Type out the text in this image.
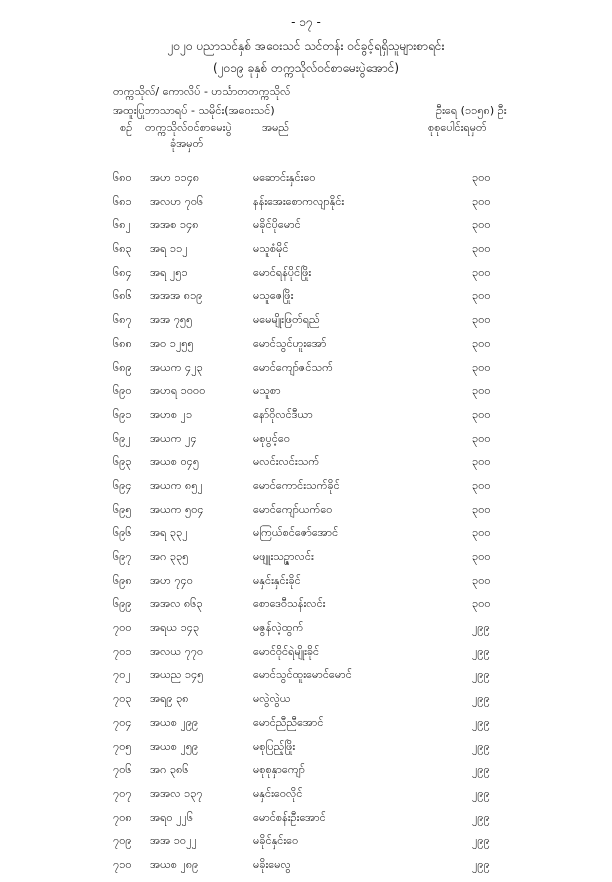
- ၁၇ -
၂၀၂၀ ပညာသင်နှစ် အဝေးသင် သင်တန်း ဝင်ခွင့်ရရှိသူများစာရင်း
(၂၀၁၉ ခုနှစ် တက္ကသိုလ်ဝင်စာမေးပွဲအောင်)
တက္ကသိုလ်/ ကောလိပ် - ဟင်္သာတတက္ကသိုလ်
အထူးပြုဘာသာရပ် - သမိုင်း(အဝေးသင်)	ဦးရေ (၁၁၅၈) ဦး
စဉ် တက္ကသိုလ်ဝင်စာမေးပွဲ
ခုံအမှတ်
အမည်	စုစုပေါင်းရမှတ်
၆၈၀ အဟ ၁၁၄၈	မဆောင်းနှင်းဝေ	၃၀၀
၆၈၁ အလဟ ၇၀၆	နန်းအေးစောကလျာနိုင်း	၃၀၀
၆၈၂ အအစ ၁၄၈	မခိုင်ပိုမောင်	၃၀၀
၆၈၃ အရ ၁၁၂	မသူစံမိုင်	၃၀၀
၆၈၄ အရ ၂၅၁	မောင်ရန်ပိုင်ဖြိုး	၃၀၀
၆၈၆ အအအ ၈၁၉	မသူဇေဖြိုး	၃၀၀
၆၈၇ အအ ၇၅၅	မမေမျိုးဖြတ်ရည်	၃၀၀
၆၈၈ အဝ ၁၂၅၅	မောင်သွင်ဟူးအော်	၃၀၀
၆၈၉ အယက ၄၂၃	မောင်ကျော်ဇင်သက်	၃၀၀
၆၉၀ အဟရ ၁၀၀၀	မသူစာ	၃၀၀
၆၉၁ အဟစ ၂၁	နော်ဝိုလင်ဒီယာ	၃၀၀
၆၉၂ အယက ၂၄	မစုပွင့်ဝေ	၃၀၀
၆၉၃ အယစ ၀၄၅	မလင်းလင်းသက်	၃၀၀
၆၉၄ အယက ၈၅၂	မောင်ကောင်းသက်ခိုင်	၃၀၀
၆၉၅ အယက ၅၀၄	မောင်ကျော်ယက်ဝေ	၃၀၀
၆၉၆ အရ ၃၃၂	မကြယ်စင်ဇော်အောင်	၃၀၀
၆၉၇ အဂ ၃၃၅	မဖျူးသဥ္ဇာလင်း	၃၀၀
၆၉၈ အဟ ၇၄၀	မနှင်းနှင်းခိုင်	၃၀၀
၆၉၉ အအလ ၈၆၃	စောဒေဝီသန်းလင်း	၃၀၀
၇၀၀ အရယ ၁၄၃	မဇွန်လဲ့ထွက်	၂၉၉
၇၀၁ အလယ ၇၇၀	မောင်ဝိုင်ရဲမျိုးခိုင်	၂၉၉
၇၀၂ အယည ၁၄၅	မောင်သွင်ထူးမောင်မောင်	၂၉၉
၇၀၃ အရ၉ ၃၈	မလွဲလွဲယ	၂၉၉
၇၀၄ အယစ ၂၉၉	မောင်ညီညီအောင်	၂၉၉
၇၀၅ အယစ ၂၅၉	မစုပြည့်ဖြိုး	၂၉၉
၇၀၆ အဂ ၃၈၆	မစုစုနှာကျော်	၂၉၉
၇၀၇ အအလ ၁၃၇	မနှင်းဝေလိုင်	၂၉၉
၇၀၈ အရ၀ ၂၂၆	မောင်စန်းဦးအောင်	၂၉၉
၇၀၉ အအ ၁၀၂၂	မခိုင်နှင်းဝေ	၂၉၉
၇၁၀ အယစ ၂၈၉	မခိုးမေလွ	၂၉၉
